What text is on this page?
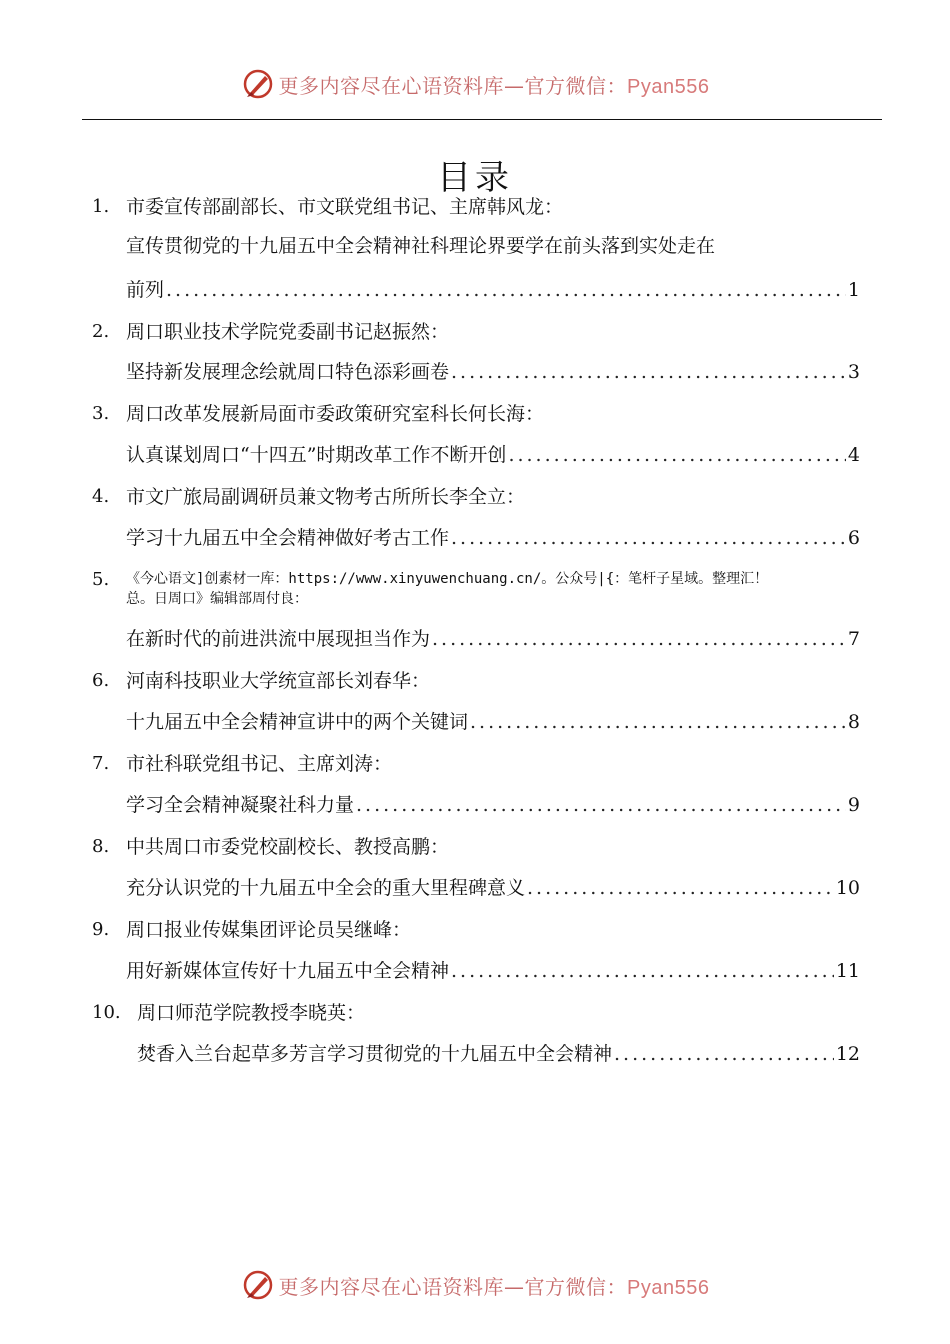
更多内容尽在心语资料库—官方微信：Pyan556
目录
1. 市委宣传部副部长、市文联党组书记、主席韩风龙：
宣传贯彻党的十九届五中全会精神社科理论界要学在前头落到实处走在
前列 .....	1
2. 周口职业技术学院党委副书记赵振然：
坚持新发展理念绘就周口特色添彩画卷 .....	3
3. 周口改革发展新局面市委政策研究室科长何长海：
认真谋划周口“十四五”时期改革工作不断开创 .....	4
4. 市文广旅局副调研员兼文物考古所所长李全立：
学习十九届五中全会精神做好考古工作 .....	6
5. 《今心语文]创素材一库：https://www.xinyuwenchuang.cn/。公众号|{：笔杆子星域。整理汇！
总。日周口》编辑部周付良：
在新时代的前进洪流中展现担当作为 .....	7
6. 河南科技职业大学统宣部长刘春华：
十九届五中全会精神宣讲中的两个关键词 .....	8
7. 市社科联党组书记、主席刘涛：
学习全会精神凝聚社科力量 .....	9
8. 中共周口市委党校副校长、教授高鹏：
充分认识党的十九届五中全会的重大里程碑意义 .....	10
9. 周口报业传媒集团评论员吴继峰：
用好新媒体宣传好十九届五中全会精神 .....	11
10. 周口师范学院教授李晓英：
焚香入兰台起草多芳言学习贯彻党的十九届五中全会精神 .....	12
更多内容尽在心语资料库—官方微信：Pyan556
